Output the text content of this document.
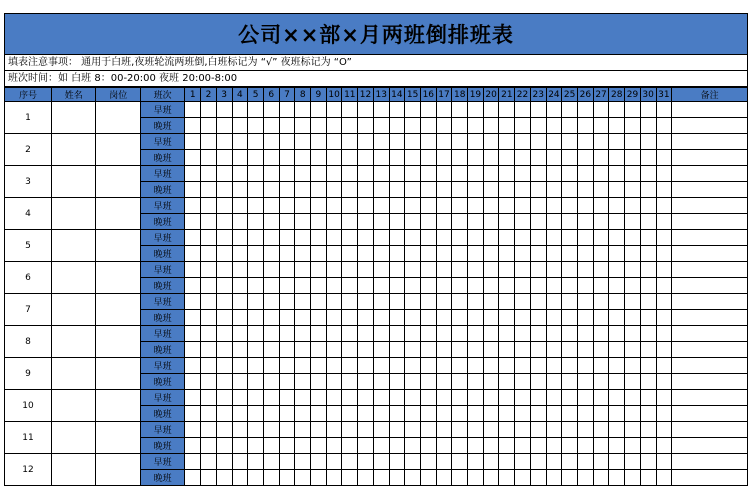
公司××部×月两班倒排班表
填表注意事项： 通用于白班,夜班轮流两班倒,白班标记为 “√” 夜班标记为 “O”
班次时间：如 白班 8：00-20:00 夜班 20:00-8:00
序号	姓名	岗位	班次	1	2	3	4	5	6	7	8	9	10	11	12	13	14	15	16	17	18	19	20	21	22	23	24	25	26	27	28	29	30	31	备注
1			早班																																
			晚班																																
2			早班																																
			晚班																																
3			早班																																
			晚班																																
4			早班																																
			晚班																																
5			早班																																
			晚班																																
6			早班																																
			晚班																																
7			早班																																
			晚班																																
8			早班																																
			晚班																																
9			早班																																
			晚班																																
10			早班																																
			晚班																																
11			早班																																
			晚班																																
12			早班																																
			晚班																																
